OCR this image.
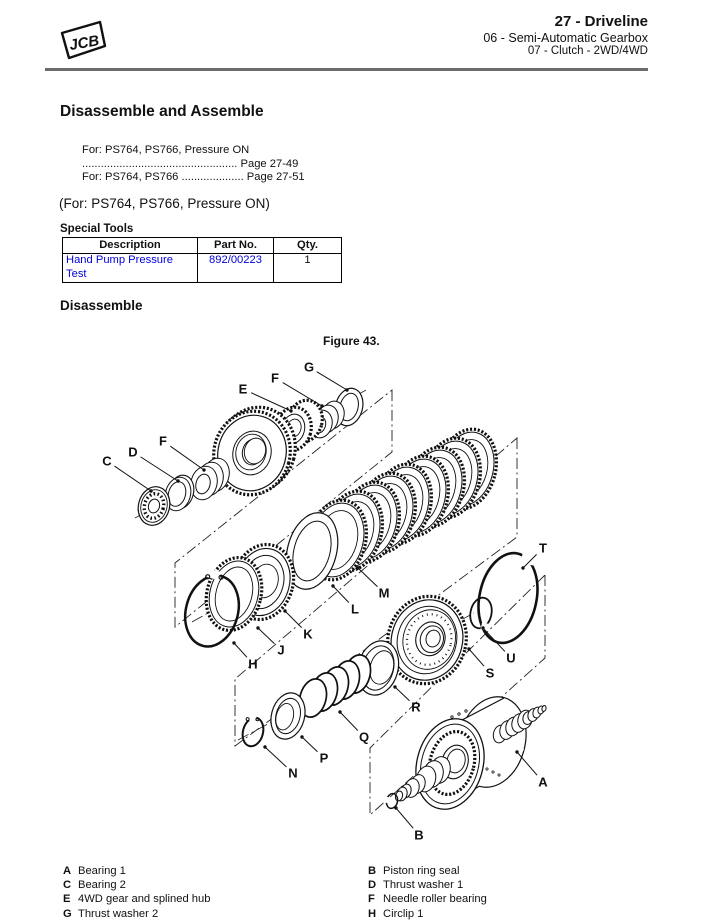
JCB
27 - Driveline
06 - Semi-Automatic Gearbox
07 - Clutch - 2WD/4WD
Disassemble and Assemble
For: PS764, PS766, Pressure ON
.................................................. Page 27-49
For: PS764, PS766 .................... Page 27-51
(For: PS764, PS766, Pressure ON)
Special Tools
Description	Part No.	Qty.
Hand Pump Pressure Test	892/00223	1
Disassemble
Figure 43.
C
D
F
E
F
G
H
J
K
L
M
N
P
Q
R
S
T
U
A
B
A Bearing 1
C Bearing 2
E 4WD gear and splined hub
G Thrust washer 2
B Piston ring seal
D Thrust washer 1
F Needle roller bearing
H Circlip 1
